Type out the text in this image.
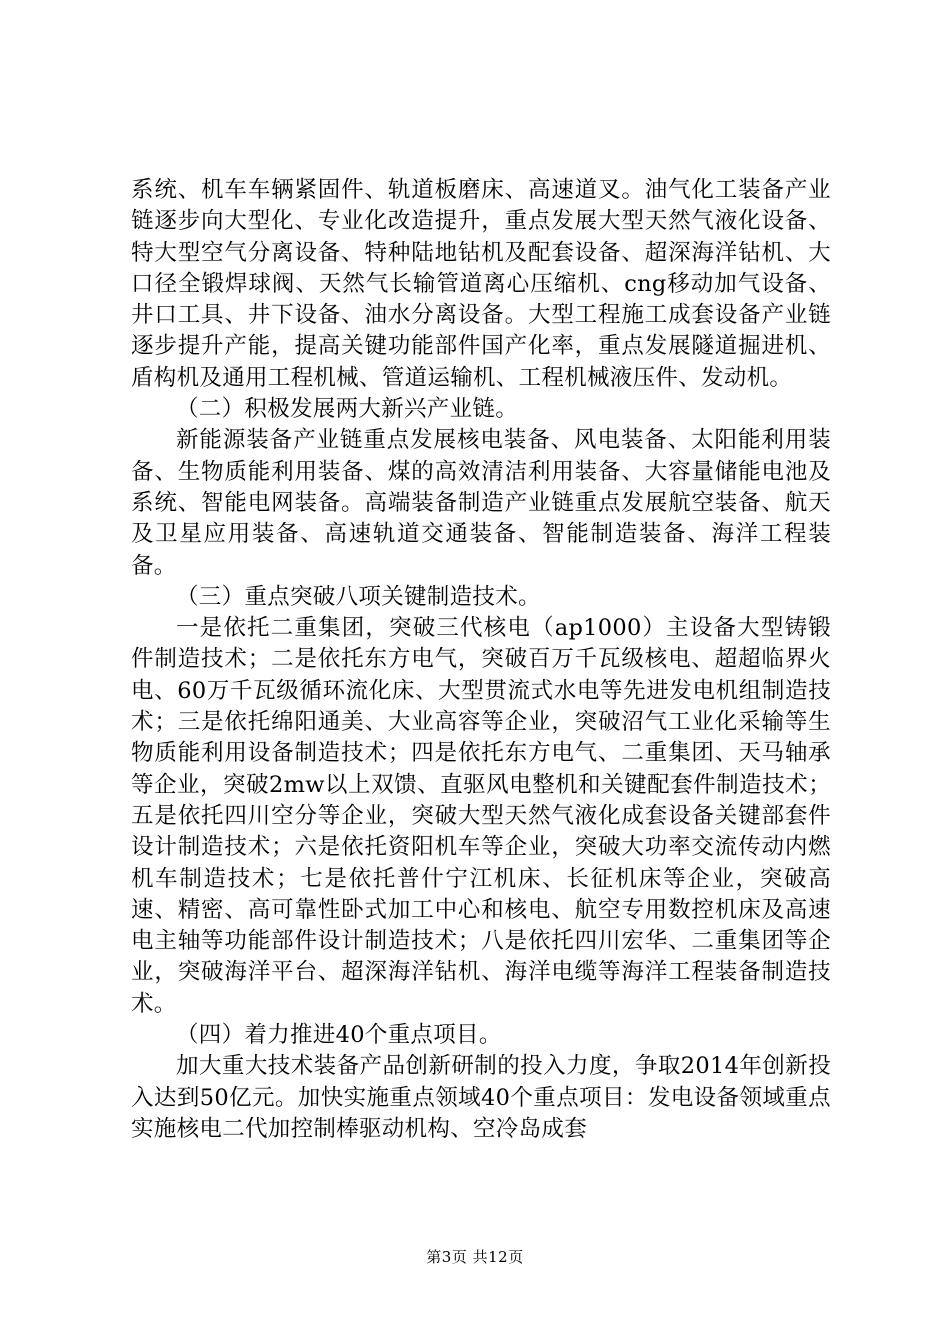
系统、机车车辆紧固件、轨道板磨床、高速道叉。油气化工装备产业链逐步向大型化、专业化改造提升，重点发展大型天然气液化设备、特大型空气分离设备、特种陆地钻机及配套设备、超深海洋钻机、大口径全锻焊球阀、天然气长输管道离心压缩机、cng移动加气设备、井口工具、井下设备、油水分离设备。大型工程施工成套设备产业链逐步提升产能，提高关键功能部件国产化率，重点发展隧道掘进机、盾构机及通用工程机械、管道运输机、工程机械液压件、发动机。

（二）积极发展两大新兴产业链。

新能源装备产业链重点发展核电装备、风电装备、太阳能利用装备、生物质能利用装备、煤的高效清洁利用装备、大容量储能电池及系统、智能电网装备。高端装备制造产业链重点发展航空装备、航天及卫星应用装备、高速轨道交通装备、智能制造装备、海洋工程装备。

（三）重点突破八项关键制造技术。

一是依托二重集团，突破三代核电（ap1000）主设备大型铸锻件制造技术；二是依托东方电气，突破百万千瓦级核电、超超临界火电、60万千瓦级循环流化床、大型贯流式水电等先进发电机组制造技术；三是依托绵阳通美、大业高容等企业，突破沼气工业化采输等生物质能利用设备制造技术；四是依托东方电气、二重集团、天马轴承等企业，突破2mw以上双馈、直驱风电整机和关键配套件制造技术；五是依托四川空分等企业，突破大型天然气液化成套设备关键部套件设计制造技术；六是依托资阳机车等企业，突破大功率交流传动内燃机车制造技术；七是依托普什宁江机床、长征机床等企业，突破高速、精密、高可靠性卧式加工中心和核电、航空专用数控机床及高速电主轴等功能部件设计制造技术；八是依托四川宏华、二重集团等企业，突破海洋平台、超深海洋钻机、海洋电缆等海洋工程装备制造技术。

（四）着力推进40个重点项目。

加大重大技术装备产品创新研制的投入力度，争取2014年创新投入达到50亿元。加快实施重点领域40个重点项目：发电设备领域重点实施核电二代加控制棒驱动机构、空冷岛成套

第3页 共12页
